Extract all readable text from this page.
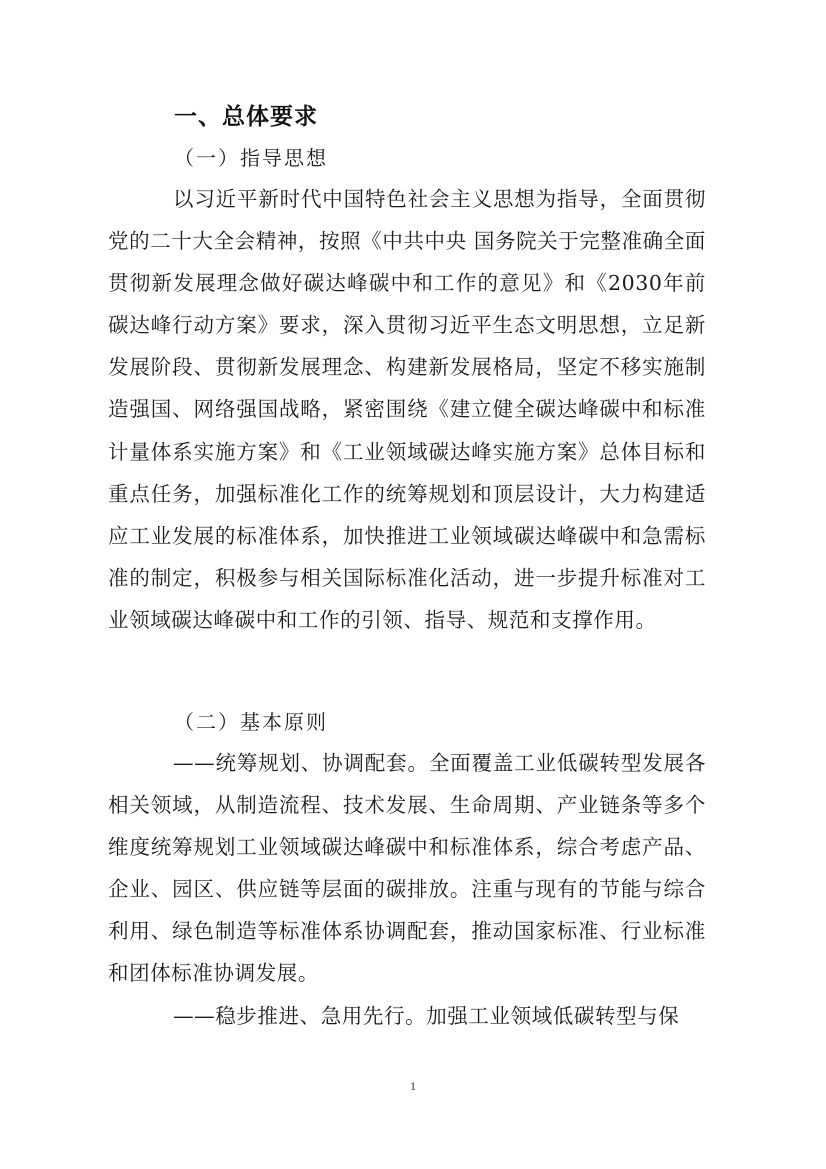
一、总体要求
（一）指导思想
以习近平新时代中国特色社会主义思想为指导，全面贯彻党的二十大全会精神，按照《中共中央 国务院关于完整准确全面贯彻新发展理念做好碳达峰碳中和工作的意见》和《2030年前碳达峰行动方案》要求，深入贯彻习近平生态文明思想，立足新发展阶段、贯彻新发展理念、构建新发展格局，坚定不移实施制造强国、网络强国战略，紧密围绕《建立健全碳达峰碳中和标准计量体系实施方案》和《工业领域碳达峰实施方案》总体目标和重点任务，加强标准化工作的统筹规划和顶层设计，大力构建适应工业发展的标准体系，加快推进工业领域碳达峰碳中和急需标准的制定，积极参与相关国际标准化活动，进一步提升标准对工业领域碳达峰碳中和工作的引领、指导、规范和支撑作用。
（二）基本原则
——统筹规划、协调配套。全面覆盖工业低碳转型发展各相关领域，从制造流程、技术发展、生命周期、产业链条等多个维度统筹规划工业领域碳达峰碳中和标准体系，综合考虑产品、企业、园区、供应链等层面的碳排放。注重与现有的节能与综合利用、绿色制造等标准体系协调配套，推动国家标准、行业标准和团体标准协调发展。
——稳步推进、急用先行。加强工业领域低碳转型与保
1
